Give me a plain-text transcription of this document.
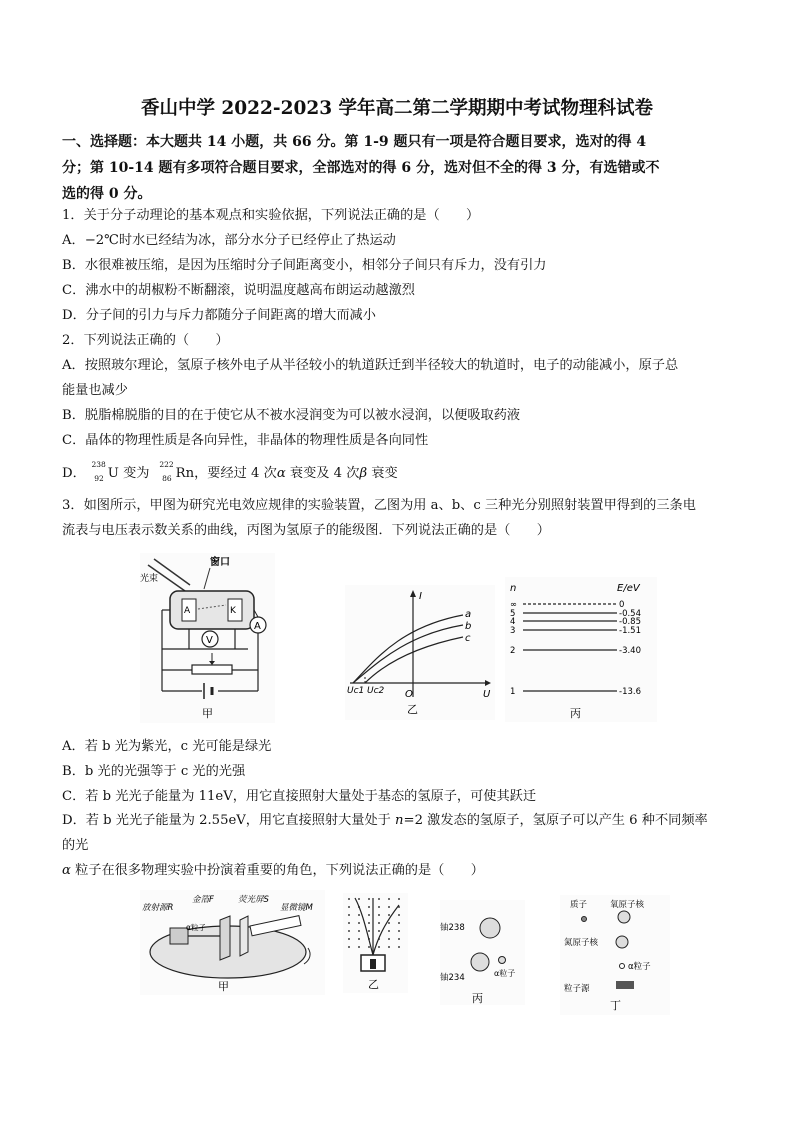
香山中学 2022-2023 学年高二第二学期期中考试物理科试卷
一、选择题：本大题共 14 小题，共 66 分。第 1-9 题只有一项是符合题目要求，选对的得 4
分；第 10-14 题有多项符合题目要求，全部选对的得 6 分，选对但不全的得 3 分，有选错或不
选的得 0 分。
1．关于分子动理论的基本观点和实验依据，下列说法正确的是（　　）
A．−2℃时水已经结为冰，部分水分子已经停止了热运动
B．水很难被压缩，是因为压缩时分子间距离变小，相邻分子间只有斥力，没有引力
C．沸水中的胡椒粉不断翻滚，说明温度越高布朗运动越激烈
D．分子间的引力与斥力都随分子间距离的增大而减小
2．下列说法正确的（　　）
A．按照玻尔理论，氢原子核外电子从半径较小的轨道跃迁到半径较大的轨道时，电子的动能减小，原子总
能量也减少
B．脱脂棉脱脂的目的在于使它从不被水浸润变为可以被水浸润，以便吸取药液
C．晶体的物理性质是各向异性，非晶体的物理性质是各向同性
D．
238
92 U 变为
222
86 Rn，要经过 4 次α 衰变及 4 次β 衰变
3．如图所示，甲图为研究光电效应规律的实验装置，乙图为用 a、b、c 三种光分别照射装置甲得到的三条电
流表与电压表示数关系的曲线，丙图为氢原子的能级图．下列说法正确的是（　　）
光束
窗口
A	K
V
A
甲
I
U
O
a
b
c
Uc1 Uc2
乙
n	E/eV
∞	0
5	-0.54
4	-0.85
3	-1.51
2	-3.40
1	-13.6
丙
A．若 b 光为紫光，c 光可能是绿光
B．b 光的光强等于 c 光的光强
C．若 b 光光子能量为 11eV，用它直接照射大量处于基态的氢原子，可使其跃迁
D．若 b 光光子能量为 2.55eV，用它直接照射大量处于 n=2 激发态的氢原子，氢原子可以产生 6 种不同频率
的光
α 粒子在很多物理实验中扮演着重要的角色，下列说法正确的是（　　）
放射源R
金箔F	荧光屏S
显微镜M
α粒子
甲	乙
铀238
铀234	α粒子
丙
质子	氧原子核
氮原子核
α粒子
粒子源
丁
